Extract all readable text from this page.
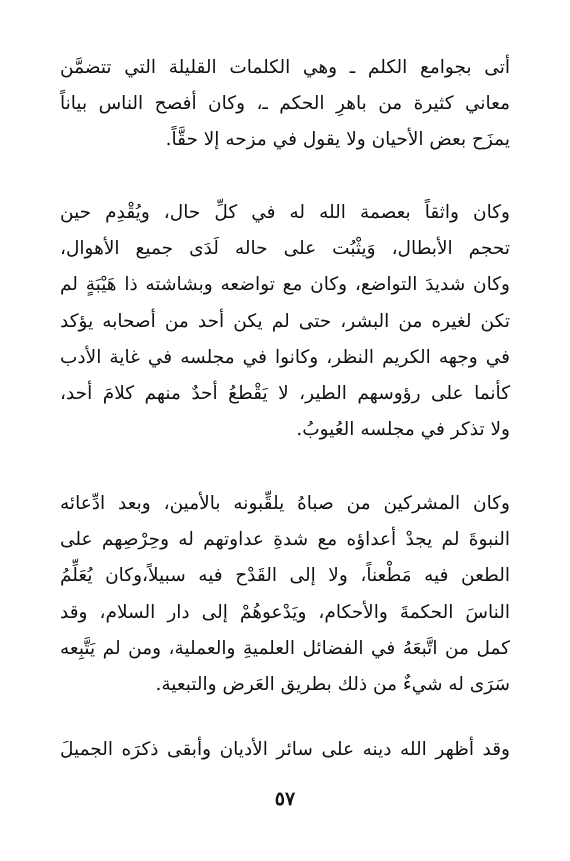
أتى بجوامع الكلم ـ وهي الكلمات القليلة التي تتضمَّن
معاني كثيرة من باهرِ الحكم ـ، وكان أفصح الناس بياناً
يمزَح بعض الأحيان ولا يقول في مزحه إلا حقَّاً.
وكان واثقاً بعصمة الله له في كلِّ حال، ويُقْدِم حين
تحجم الأبطال، وَيثْبُت على حاله لَدَى جميع الأهوال،
وكان شديدَ التواضع، وكان مع تواضعه وبشاشته ذا هَيْبَةٍ لم
تكن لغيره من البشر، حتى لم يكن أحد من أصحابه يؤكد
في وجهه الكريم النظر، وكانوا في مجلسه في غاية الأدب
كأنما على رؤوسهم الطير، لا يَقْطعُ أحدٌ منهم كلامَ أحد،
ولا تذكر في مجلسه العُيوبُ.
وكان المشركين من صباهُ يلقِّبونه بالأمين، وبعد ادِّعائه
النبوةَ لم يجدْ أعداؤه مع شدةِ عداوتهم له وحِرْصِهم على
الطعن فيه مَطْعناً، ولا إلى القَدْح فيه سبيلاً،وكان يُعَلِّمُ
الناسَ الحكمةَ والأحكام، ويَدْعوهُمْ إلى دار السلام، وقد
كمل من اتَّبعَهُ في الفضائل العلميةِ والعملية، ومن لم يَتَّبِعه
سَرَى له شيءٌ من ذلك بطريق العَرض والتبعية.
وقد أظهر الله دينه على سائر الأديان وأبقى ذكرَه الجميلَ
٥٧
